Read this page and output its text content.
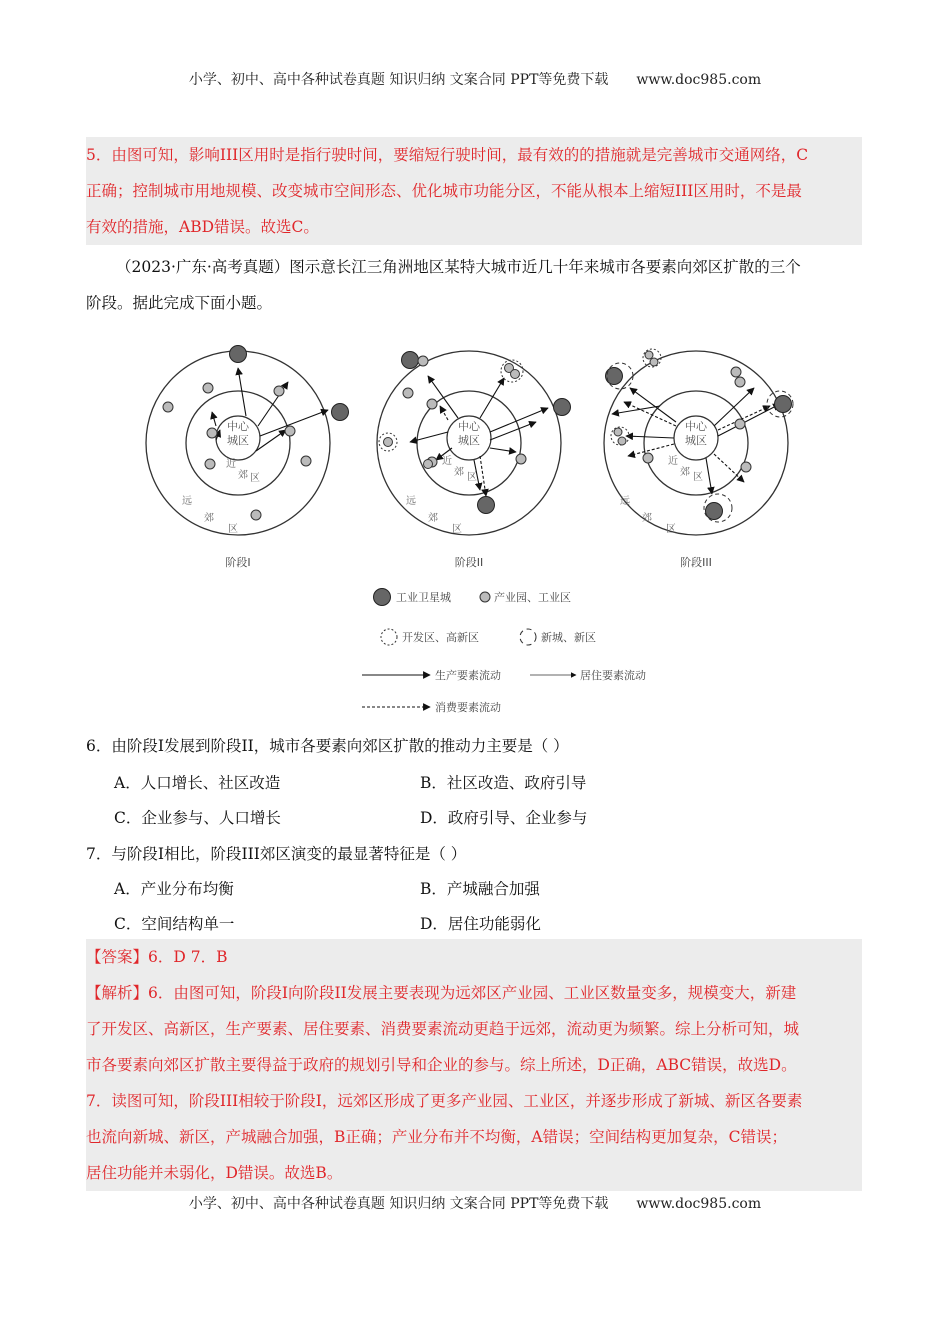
小学、初中、高中各种试卷真题 知识归纳 文案合同 PPT等免费下载 www.doc985.com
5．由图可知，影响III区用时是指行驶时间，要缩短行驶时间，最有效的的措施就是完善城市交通网络，C
正确；控制城市用地规模、改变城市空间形态、优化城市功能分区，不能从根本上缩短III区用时，不是最
有效的措施，ABD错误。故选C。
（2023·广东·高考真题）图示意长江三角洲地区某特大城市近几十年来城市各要素向郊区扩散的三个
阶段。据此完成下面小题。
中心
城区
近
郊 区
远
郊
区
阶段I
中心
城区
近
郊 区
远
郊
区
阶段II
中心
城区
近
郊 区
远
郊
区
阶段III
工业卫星城	产业园、工业区
开发区、高新区	新城、新区
生产要素流动	居住要素流动
消费要素流动
6．由阶段I发展到阶段II，城市各要素向郊区扩散的推动力主要是（ ）
A．人口增长、社区改造	B．社区改造、政府引导
C．企业参与、人口增长	D．政府引导、企业参与
7．与阶段I相比，阶段III郊区演变的最显著特征是（ ）
A．产业分布均衡	B．产城融合加强
C．空间结构单一	D．居住功能弱化
【答案】6．D 7．B
【解析】6．由图可知，阶段I向阶段II发展主要表现为远郊区产业园、工业区数量变多，规模变大，新建
了开发区、高新区，生产要素、居住要素、消费要素流动更趋于远郊，流动更为频繁。综上分析可知，城
市各要素向郊区扩散主要得益于政府的规划引导和企业的参与。综上所述，D正确，ABC错误，故选D。
7．读图可知，阶段III相较于阶段I，远郊区形成了更多产业园、工业区，并逐步形成了新城、新区各要素
也流向新城、新区，产城融合加强，B正确；产业分布并不均衡，A错误；空间结构更加复杂，C错误；
居住功能并未弱化，D错误。故选B。
小学、初中、高中各种试卷真题 知识归纳 文案合同 PPT等免费下载 www.doc985.com
